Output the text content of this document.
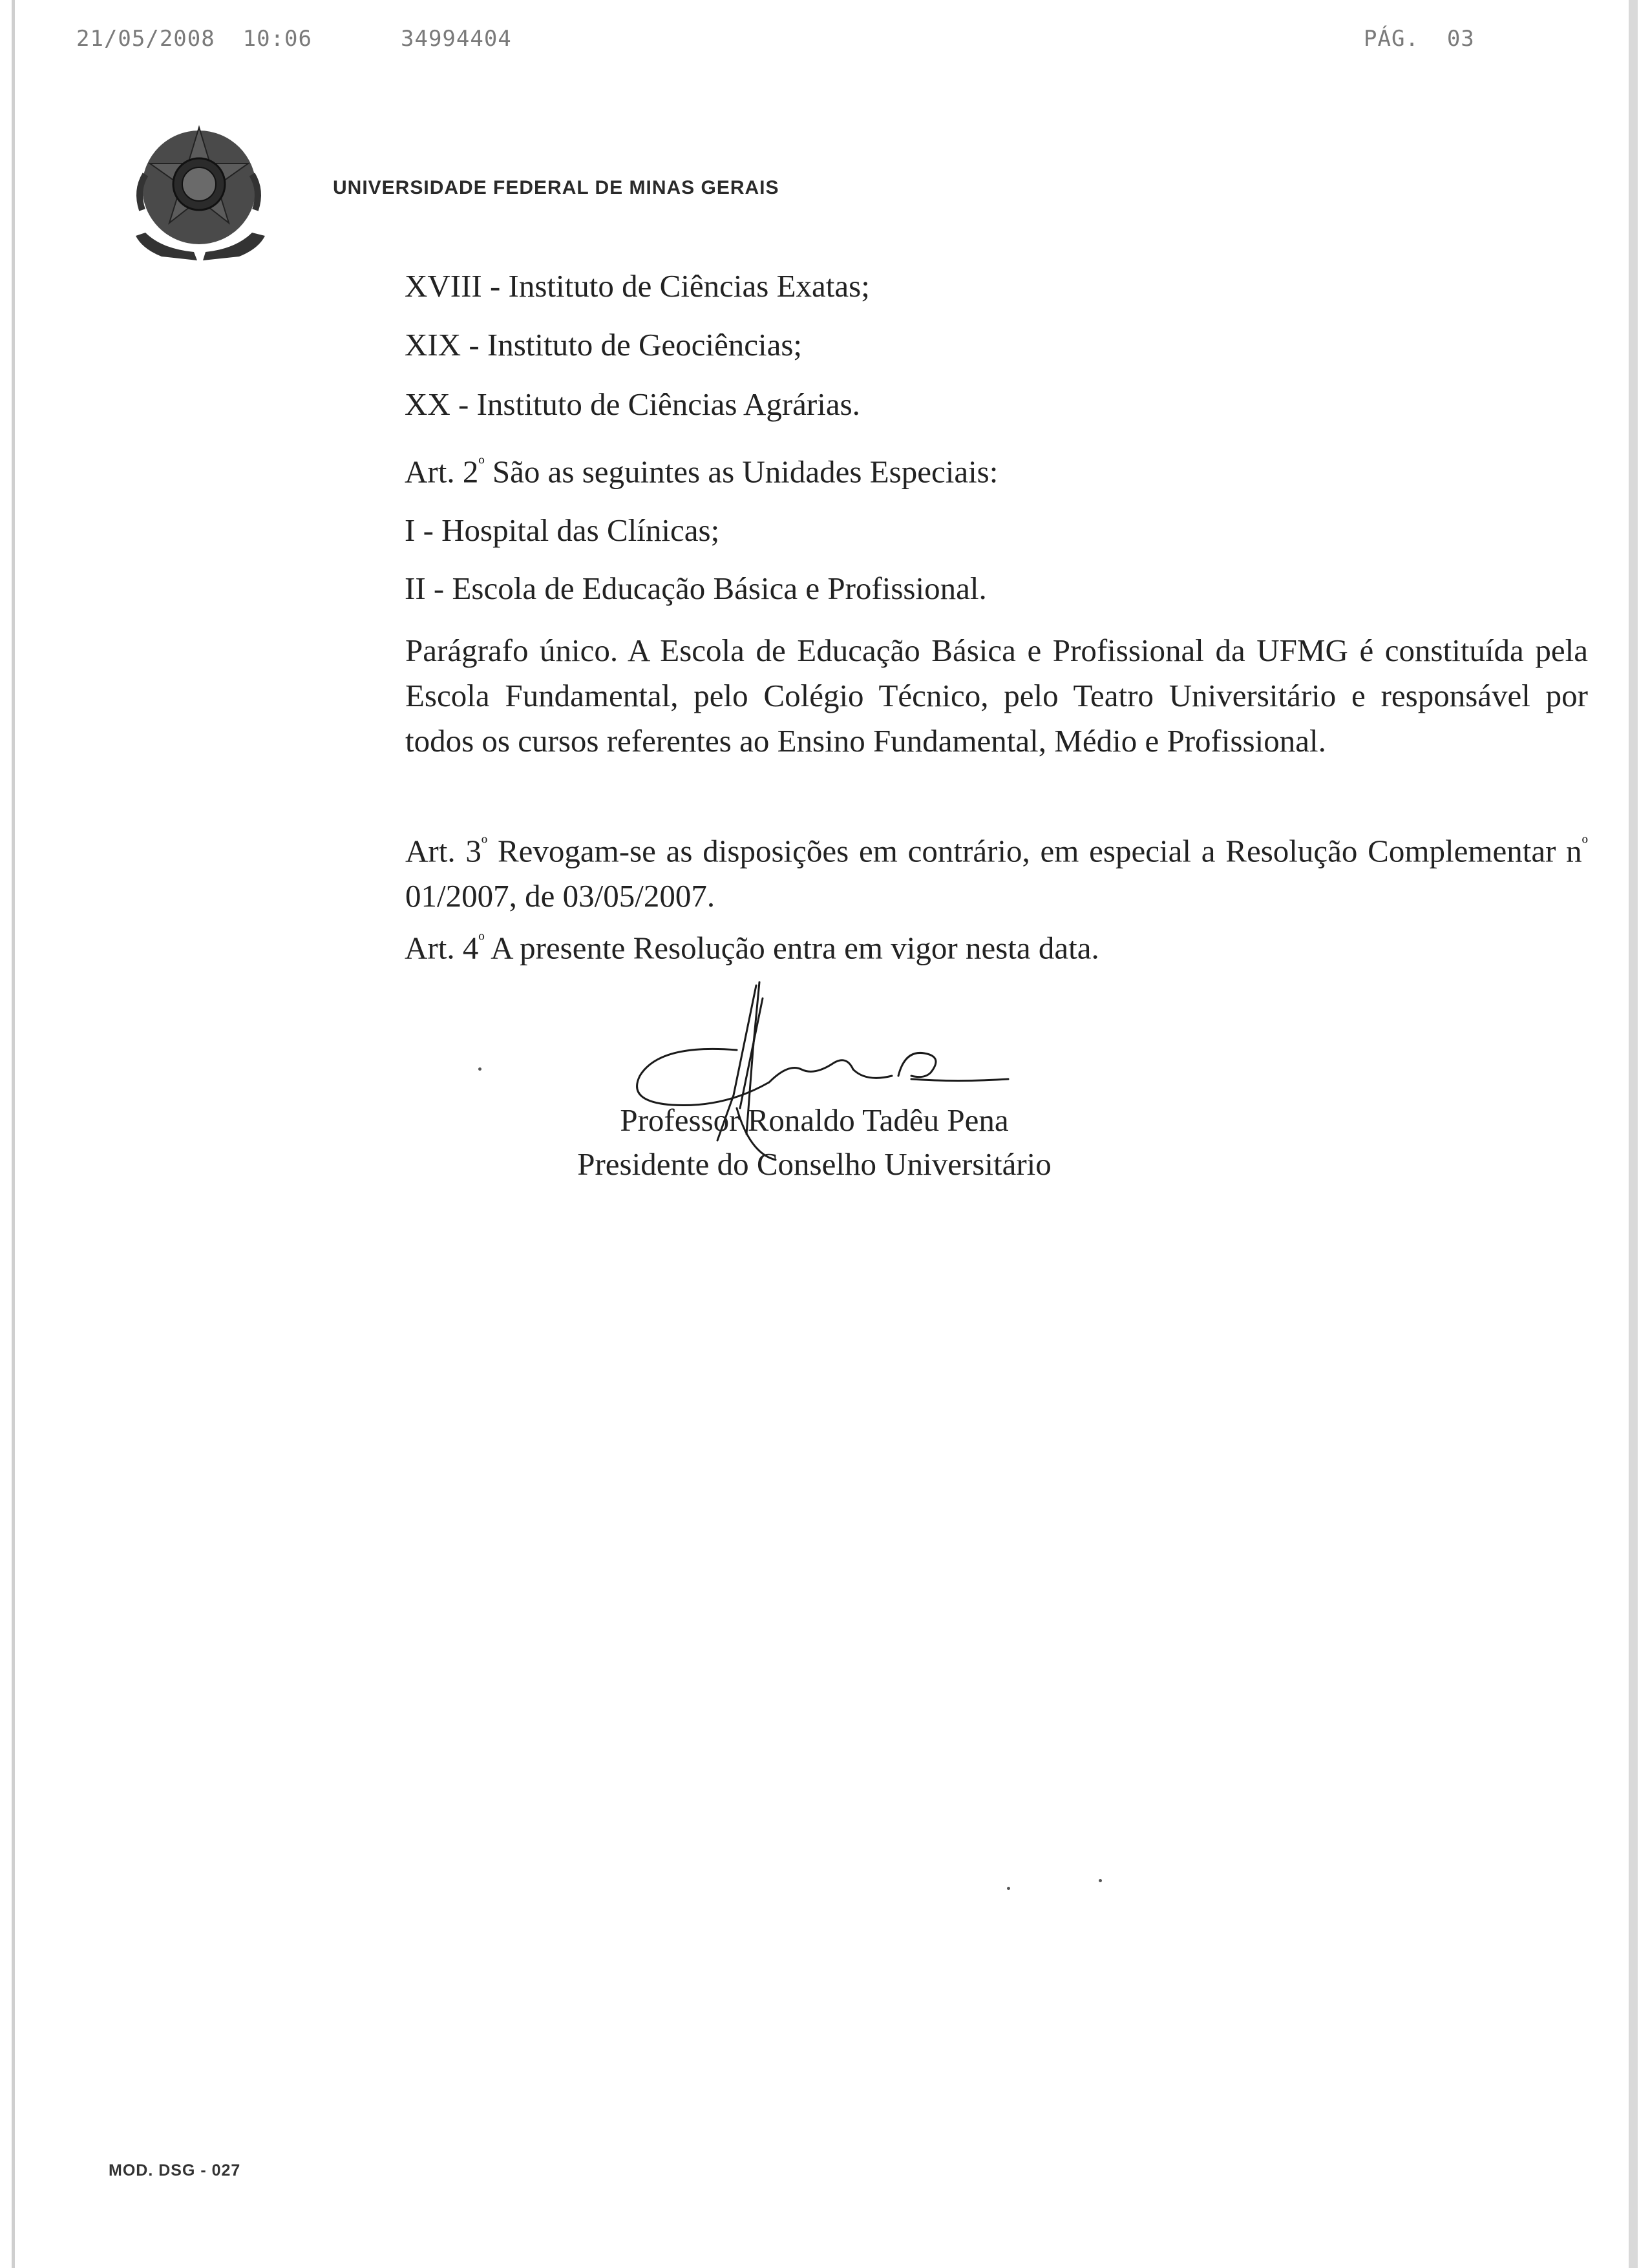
21/05/2008  10:06	34994404	PÁG.  03
UNIVERSIDADE FEDERAL DE MINAS GERAIS
XVIII - Instituto de Ciências Exatas;
XIX - Instituto de Geociências;
XX - Instituto de Ciências Agrárias.
Art. $2^º$ São as seguintes as Unidades Especiais:
I - Hospital das Clínicas;
II - Escola de Educação Básica e Profissional.
Parágrafo único. A Escola de Educação Básica e Profissional da UFMG é constituída pela Escola Fundamental, pelo Colégio Técnico, pelo Teatro Universitário e responsável por todos os cursos referentes ao Ensino Fundamental, Médio e Profissional.
Art. $3^º$ Revogam-se as disposições em contrário, em especial a Resolução Complementar $n^º$ 01/2007, de 03/05/2007.
Art. $4^º$ A presente Resolução entra em vigor nesta data.
Professor Ronaldo Tadêu Pena
Presidente do Conselho Universitário
MOD. DSG - 027
